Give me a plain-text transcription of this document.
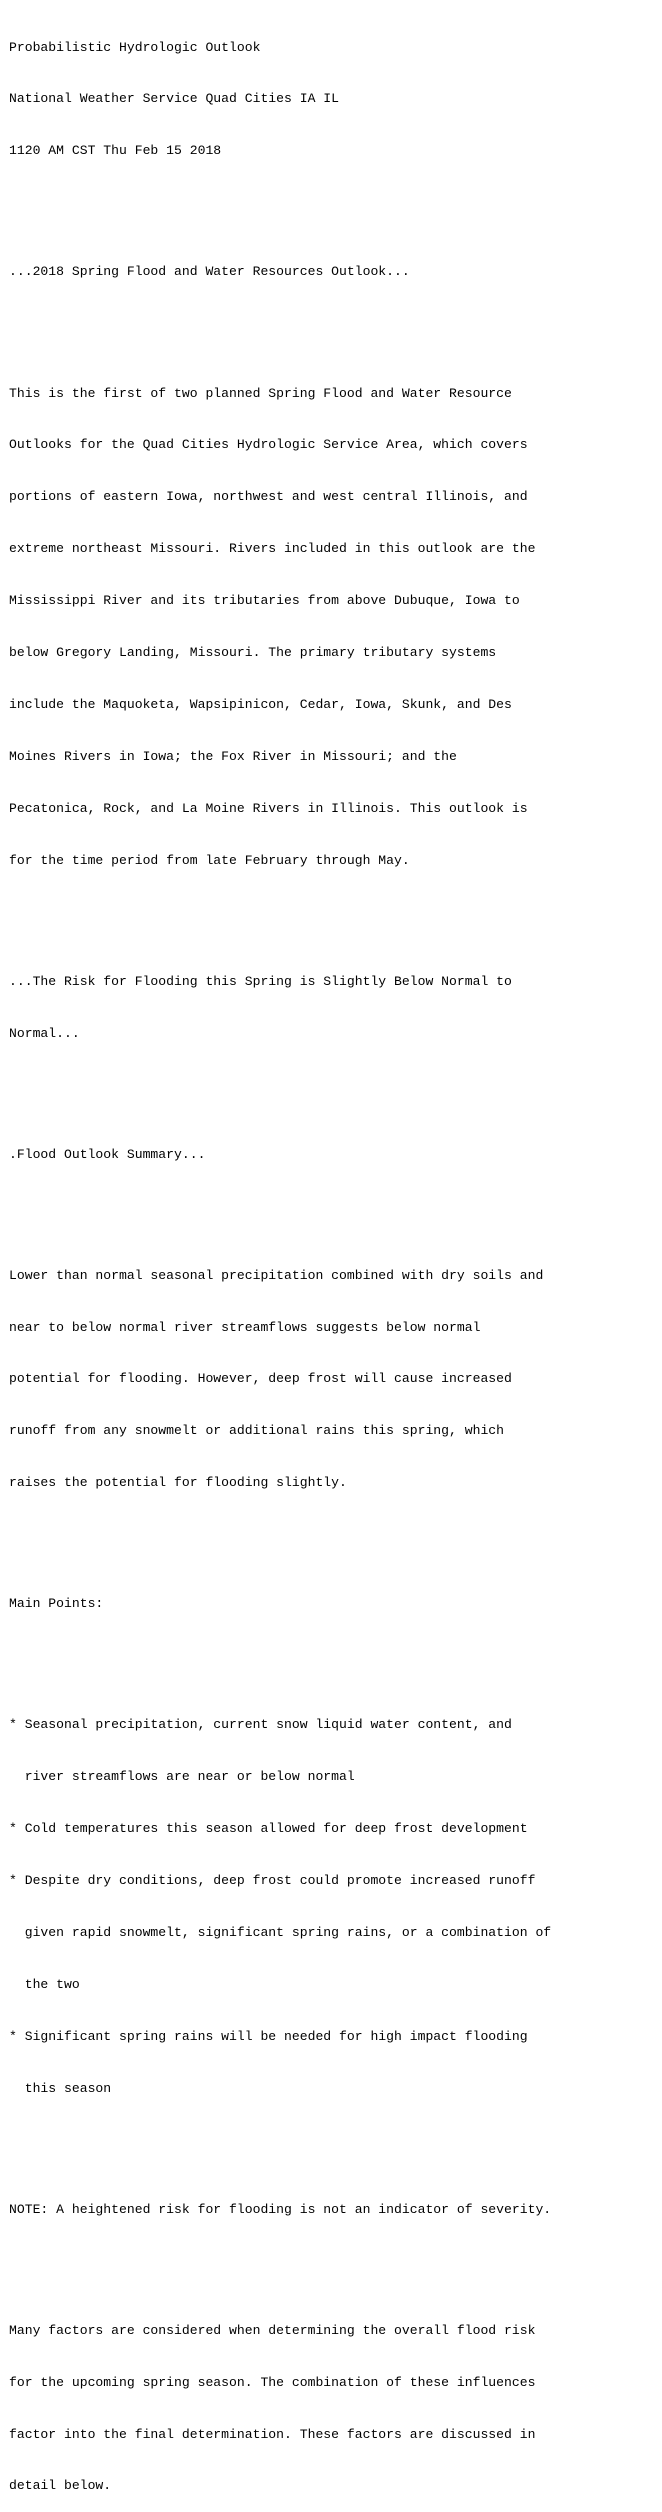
Probabilistic Hydrologic Outlook

National Weather Service Quad Cities IA IL

1120 AM CST Thu Feb 15 2018

...2018 Spring Flood and Water Resources Outlook...

This is the first of two planned Spring Flood and Water Resource

Outlooks for the Quad Cities Hydrologic Service Area, which covers

portions of eastern Iowa, northwest and west central Illinois, and

extreme northeast Missouri. Rivers included in this outlook are the

Mississippi River and its tributaries from above Dubuque, Iowa to

below Gregory Landing, Missouri. The primary tributary systems

include the Maquoketa, Wapsipinicon, Cedar, Iowa, Skunk, and Des

Moines Rivers in Iowa; the Fox River in Missouri; and the

Pecatonica, Rock, and La Moine Rivers in Illinois. This outlook is

for the time period from late February through May.

...The Risk for Flooding this Spring is Slightly Below Normal to

Normal...

.Flood Outlook Summary...

Lower than normal seasonal precipitation combined with dry soils and

near to below normal river streamflows suggests below normal

potential for flooding. However, deep frost will cause increased

runoff from any snowmelt or additional rains this spring, which

raises the potential for flooding slightly.

Main Points:

* Seasonal precipitation, current snow liquid water content, and

river streamflows are near or below normal

* Cold temperatures this season allowed for deep frost development

* Despite dry conditions, deep frost could promote increased runoff

given rapid snowmelt, significant spring rains, or a combination of

the two

* Significant spring rains will be needed for high impact flooding

this season

NOTE: A heightened risk for flooding is not an indicator of severity.

Many factors are considered when determining the overall flood risk

for the upcoming spring season. The combination of these influences

factor into the final determination. These factors are discussed in

detail below.
